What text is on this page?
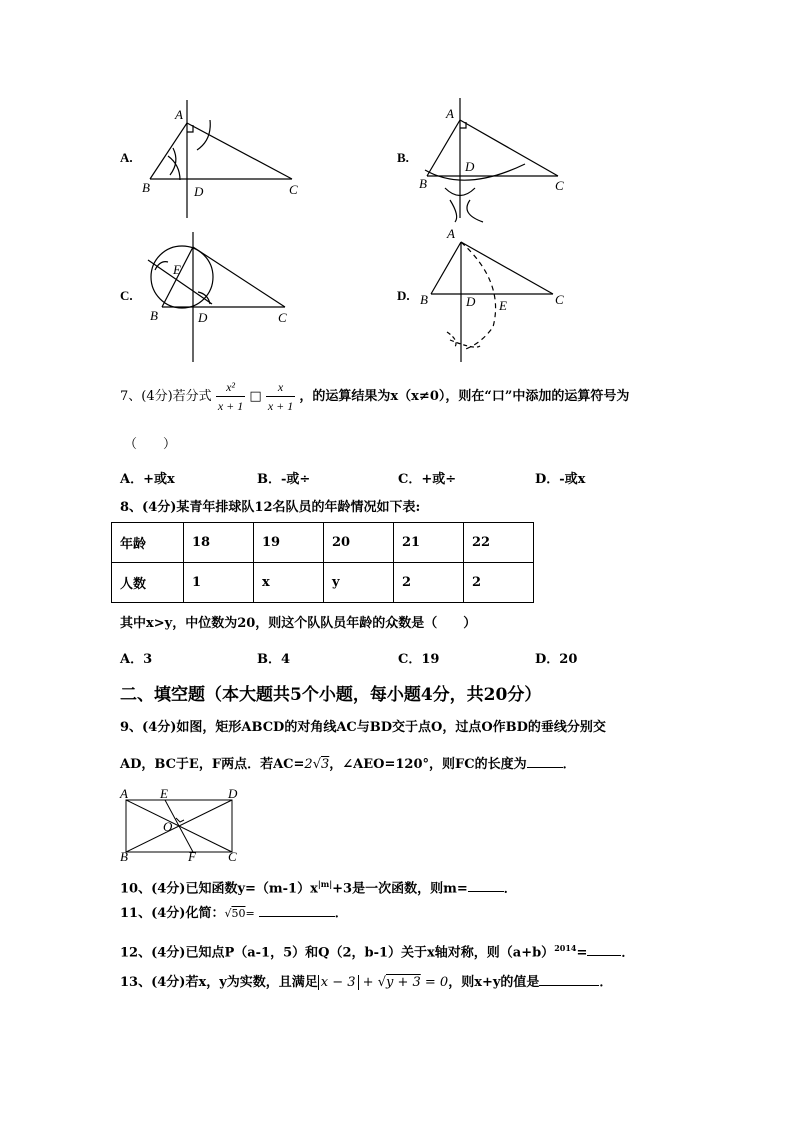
A.
A
B	D	C
B.
A
B
D
C
C.
E
B	D	C
D.
A
B	D E	C
7、(4分)若分式 $\frac{\text{x²}}{x + 1}$ □ $\frac{x}{x + 1}$ ，的运算结果为x（x≠0），则在“口”中添加的运算符号为
（　　）
A．+或x	B．-或÷	C．+或÷	D．-或x
8、(4分)某青年排球队12名队员的年龄情况如下表:
年龄	18	19	20	21	22
人数	1	x	y	2	2
其中x>y，中位数为20，则这个队队员年龄的众数是（　　）
A．3	B．4	C．19	D．20
二、填空题（本大题共5个小题，每小题4分，共20分）
9、(4分)如图，矩形ABCD的对角线AC与BD交于点O，过点O作BD的垂线分别交
AD，BC于E，F两点．若AC=2√3，∠AEO=120°，则FC的长度为	．
A E	D
O
B	F C
10、(4分)已知函数$y=(m-1)x^{|m|}+3$是一次函数，则m=	．
11、(4分)化简：√50=	．
12、(4分)已知点P（a-1，5）和Q（2，b-1）关于x轴对称，则$(a+b)^{2014}=$	．
13、(4分)若x，y为实数，且满足 x − 3 + √y + 3 = 0，则x+y的值是	．
